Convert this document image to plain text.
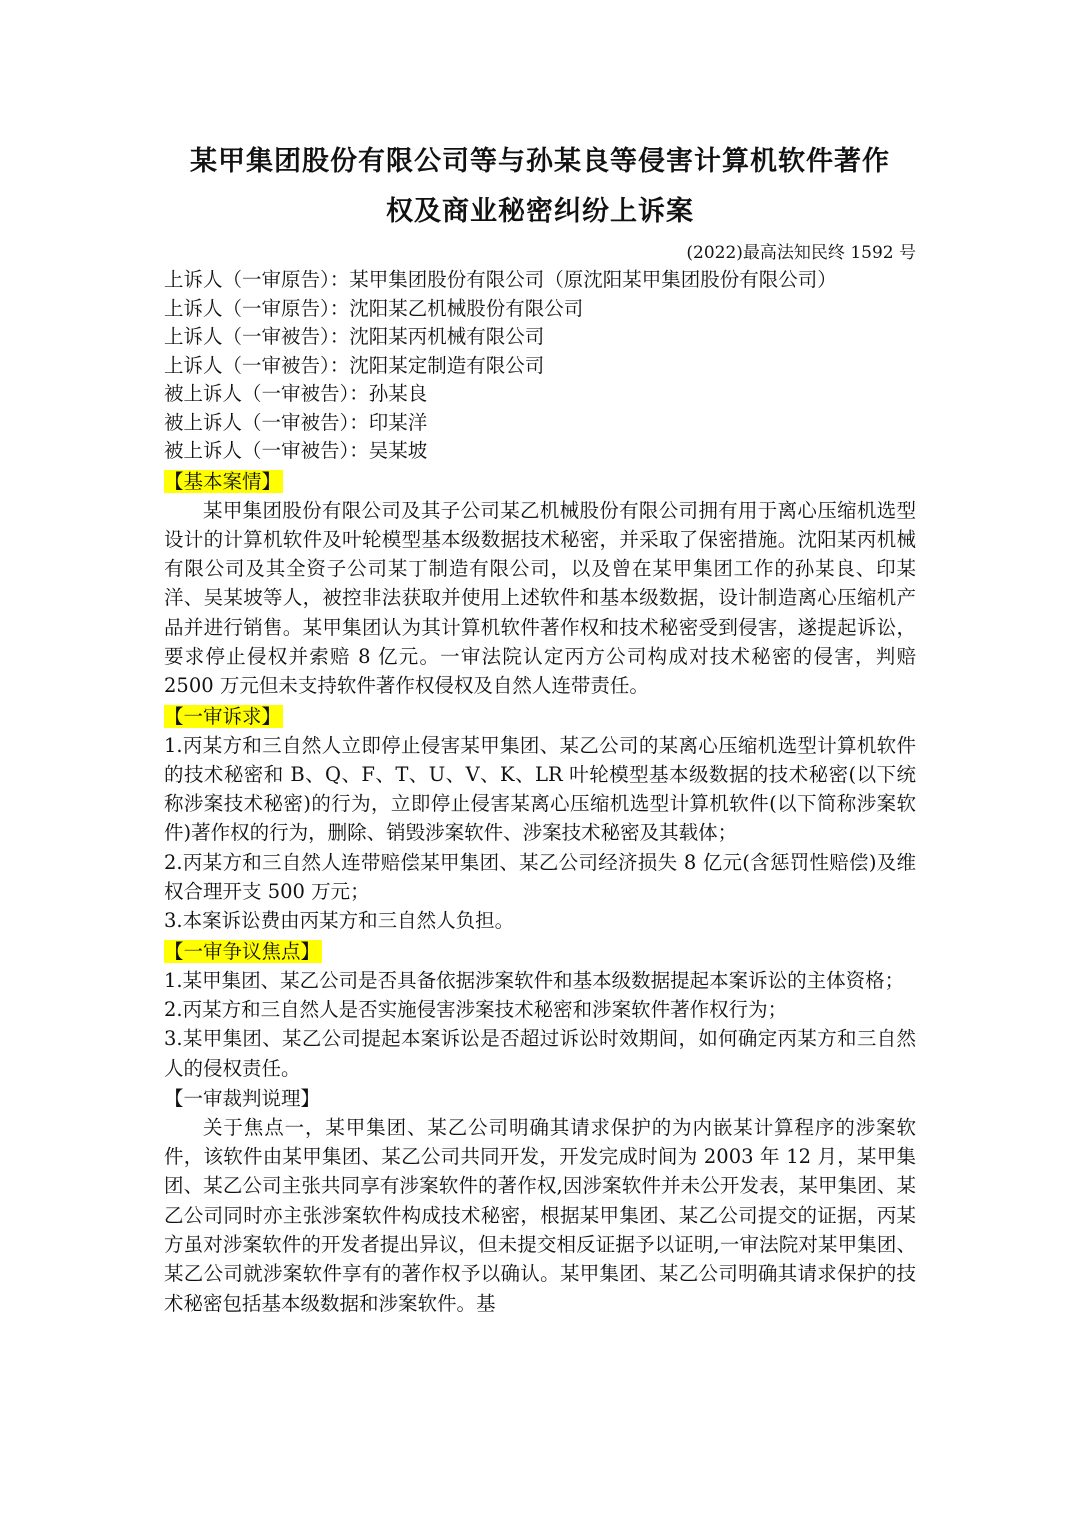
某甲集团股份有限公司等与孙某良等侵害计算机软件著作
权及商业秘密纠纷上诉案
(2022)最高法知民终 1592 号

上诉人（一审原告）：某甲集团股份有限公司（原沈阳某甲集团股份有限公司）

上诉人（一审原告）：沈阳某乙机械股份有限公司

上诉人（一审被告）：沈阳某丙机械有限公司

上诉人（一审被告）：沈阳某定制造有限公司

被上诉人（一审被告）：孙某良

被上诉人（一审被告）：印某洋

被上诉人（一审被告）：吴某坡

【基本案情】

某甲集团股份有限公司及其子公司某乙机械股份有限公司拥有用于离心压缩机选型设计的计算机软件及叶轮模型基本级数据技术秘密，并采取了保密措施。沈阳某丙机械有限公司及其全资子公司某丁制造有限公司，以及曾在某甲集团工作的孙某良、印某洋、吴某坡等人，被控非法获取并使用上述软件和基本级数据，设计制造离心压缩机产品并进行销售。某甲集团认为其计算机软件著作权和技术秘密受到侵害，遂提起诉讼，要求停止侵权并索赔 8 亿元。一审法院认定丙方公司构成对技术秘密的侵害，判赔 2500 万元但未支持软件著作权侵权及自然人连带责任。

【一审诉求】

1.丙某方和三自然人立即停止侵害某甲集团、某乙公司的某离心压缩机选型计算机软件的技术秘密和 B、Q、F、T、U、V、K、LR 叶轮模型基本级数据的技术秘密(以下统称涉案技术秘密)的行为，立即停止侵害某离心压缩机选型计算机软件(以下简称涉案软件)著作权的行为，删除、销毁涉案软件、涉案技术秘密及其载体；

2.丙某方和三自然人连带赔偿某甲集团、某乙公司经济损失 8 亿元(含惩罚性赔偿)及维权合理开支 500 万元；

3.本案诉讼费由丙某方和三自然人负担。

【一审争议焦点】

1.某甲集团、某乙公司是否具备依据涉案软件和基本级数据提起本案诉讼的主体资格；

2.丙某方和三自然人是否实施侵害涉案技术秘密和涉案软件著作权行为；

3.某甲集团、某乙公司提起本案诉讼是否超过诉讼时效期间，如何确定丙某方和三自然人的侵权责任。

【一审裁判说理】

关于焦点一，某甲集团、某乙公司明确其请求保护的为内嵌某计算程序的涉案软件，该软件由某甲集团、某乙公司共同开发，开发完成时间为 2003 年 12 月，某甲集团、某乙公司主张共同享有涉案软件的著作权,因涉案软件并未公开发表，某甲集团、某乙公司同时亦主张涉案软件构成技术秘密，根据某甲集团、某乙公司提交的证据，丙某方虽对涉案软件的开发者提出异议，但未提交相反证据予以证明,一审法院对某甲集团、某乙公司就涉案软件享有的著作权予以确认。某甲集团、某乙公司明确其请求保护的技术秘密包括基本级数据和涉案软件。基
